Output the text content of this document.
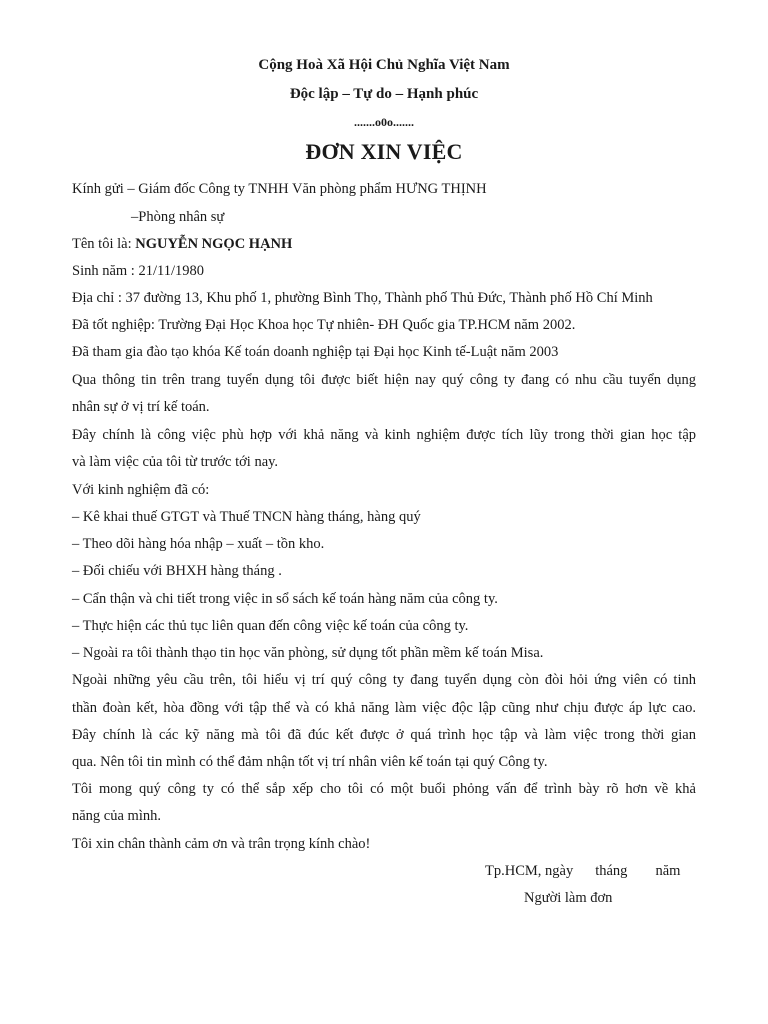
Cộng Hoà Xã Hội Chủ Nghĩa Việt Nam
Độc lập – Tự do – Hạnh phúc
.......o0o.......
ĐƠN XIN VIỆC
Kính gửi – Giám đốc Công ty TNHH Văn phòng phẩm HƯNG THỊNH
–Phòng nhân sự
Tên tôi là: NGUYỄN NGỌC HẠNH
Sinh năm : 21/11/1980
Địa chỉ : 37 đường 13, Khu phố 1, phường Bình Thọ, Thành phố Thủ Đức, Thành phố Hồ Chí Minh
Đã tốt nghiệp: Trường Đại Học Khoa học Tự nhiên- ĐH Quốc gia TP.HCM năm 2002.
Đã tham gia đào tạo khóa Kế toán doanh nghiệp tại Đại học Kinh tế-Luật năm 2003
Qua thông tin trên trang tuyển dụng tôi được biết hiện nay quý công ty đang có nhu cầu tuyển dụng
nhân sự ở vị trí kế toán.
Đây chính là công việc phù hợp với khả năng và kinh nghiệm được tích lũy trong thời gian học tập
và làm việc của tôi từ trước tới nay.
Với kinh nghiệm đã có:
– Kê khai thuế GTGT và Thuế TNCN hàng tháng, hàng quý
– Theo dõi hàng hóa nhập – xuất – tồn kho.
– Đối chiếu với BHXH hàng tháng .
– Cẩn thận và chi tiết trong việc in sổ sách kế toán hàng năm của công ty.
– Thực hiện các thủ tục liên quan đến công việc kế toán của công ty.
– Ngoài ra tôi thành thạo tin học văn phòng, sử dụng tốt phần mềm kế toán Misa.
Ngoài những yêu cầu trên, tôi hiểu vị trí quý công ty đang tuyển dụng còn đòi hỏi ứng viên có tinh
thần đoàn kết, hòa đồng với tập thể và có khả năng làm việc độc lập cũng như chịu được áp lực cao.
Đây chính là các kỹ năng mà tôi đã đúc kết được ở quá trình học tập và làm việc trong thời gian
qua. Nên tôi tin mình có thể đảm nhận tốt vị trí nhân viên kế toán tại quý Công ty.
Tôi mong quý công ty có thể sắp xếp cho tôi có một buổi phỏng vấn để trình bày rõ hơn về khả
năng của mình.
Tôi xin chân thành cảm ơn và trân trọng kính chào!
Tp.HCM, ngày tháng năm
Người làm đơn
